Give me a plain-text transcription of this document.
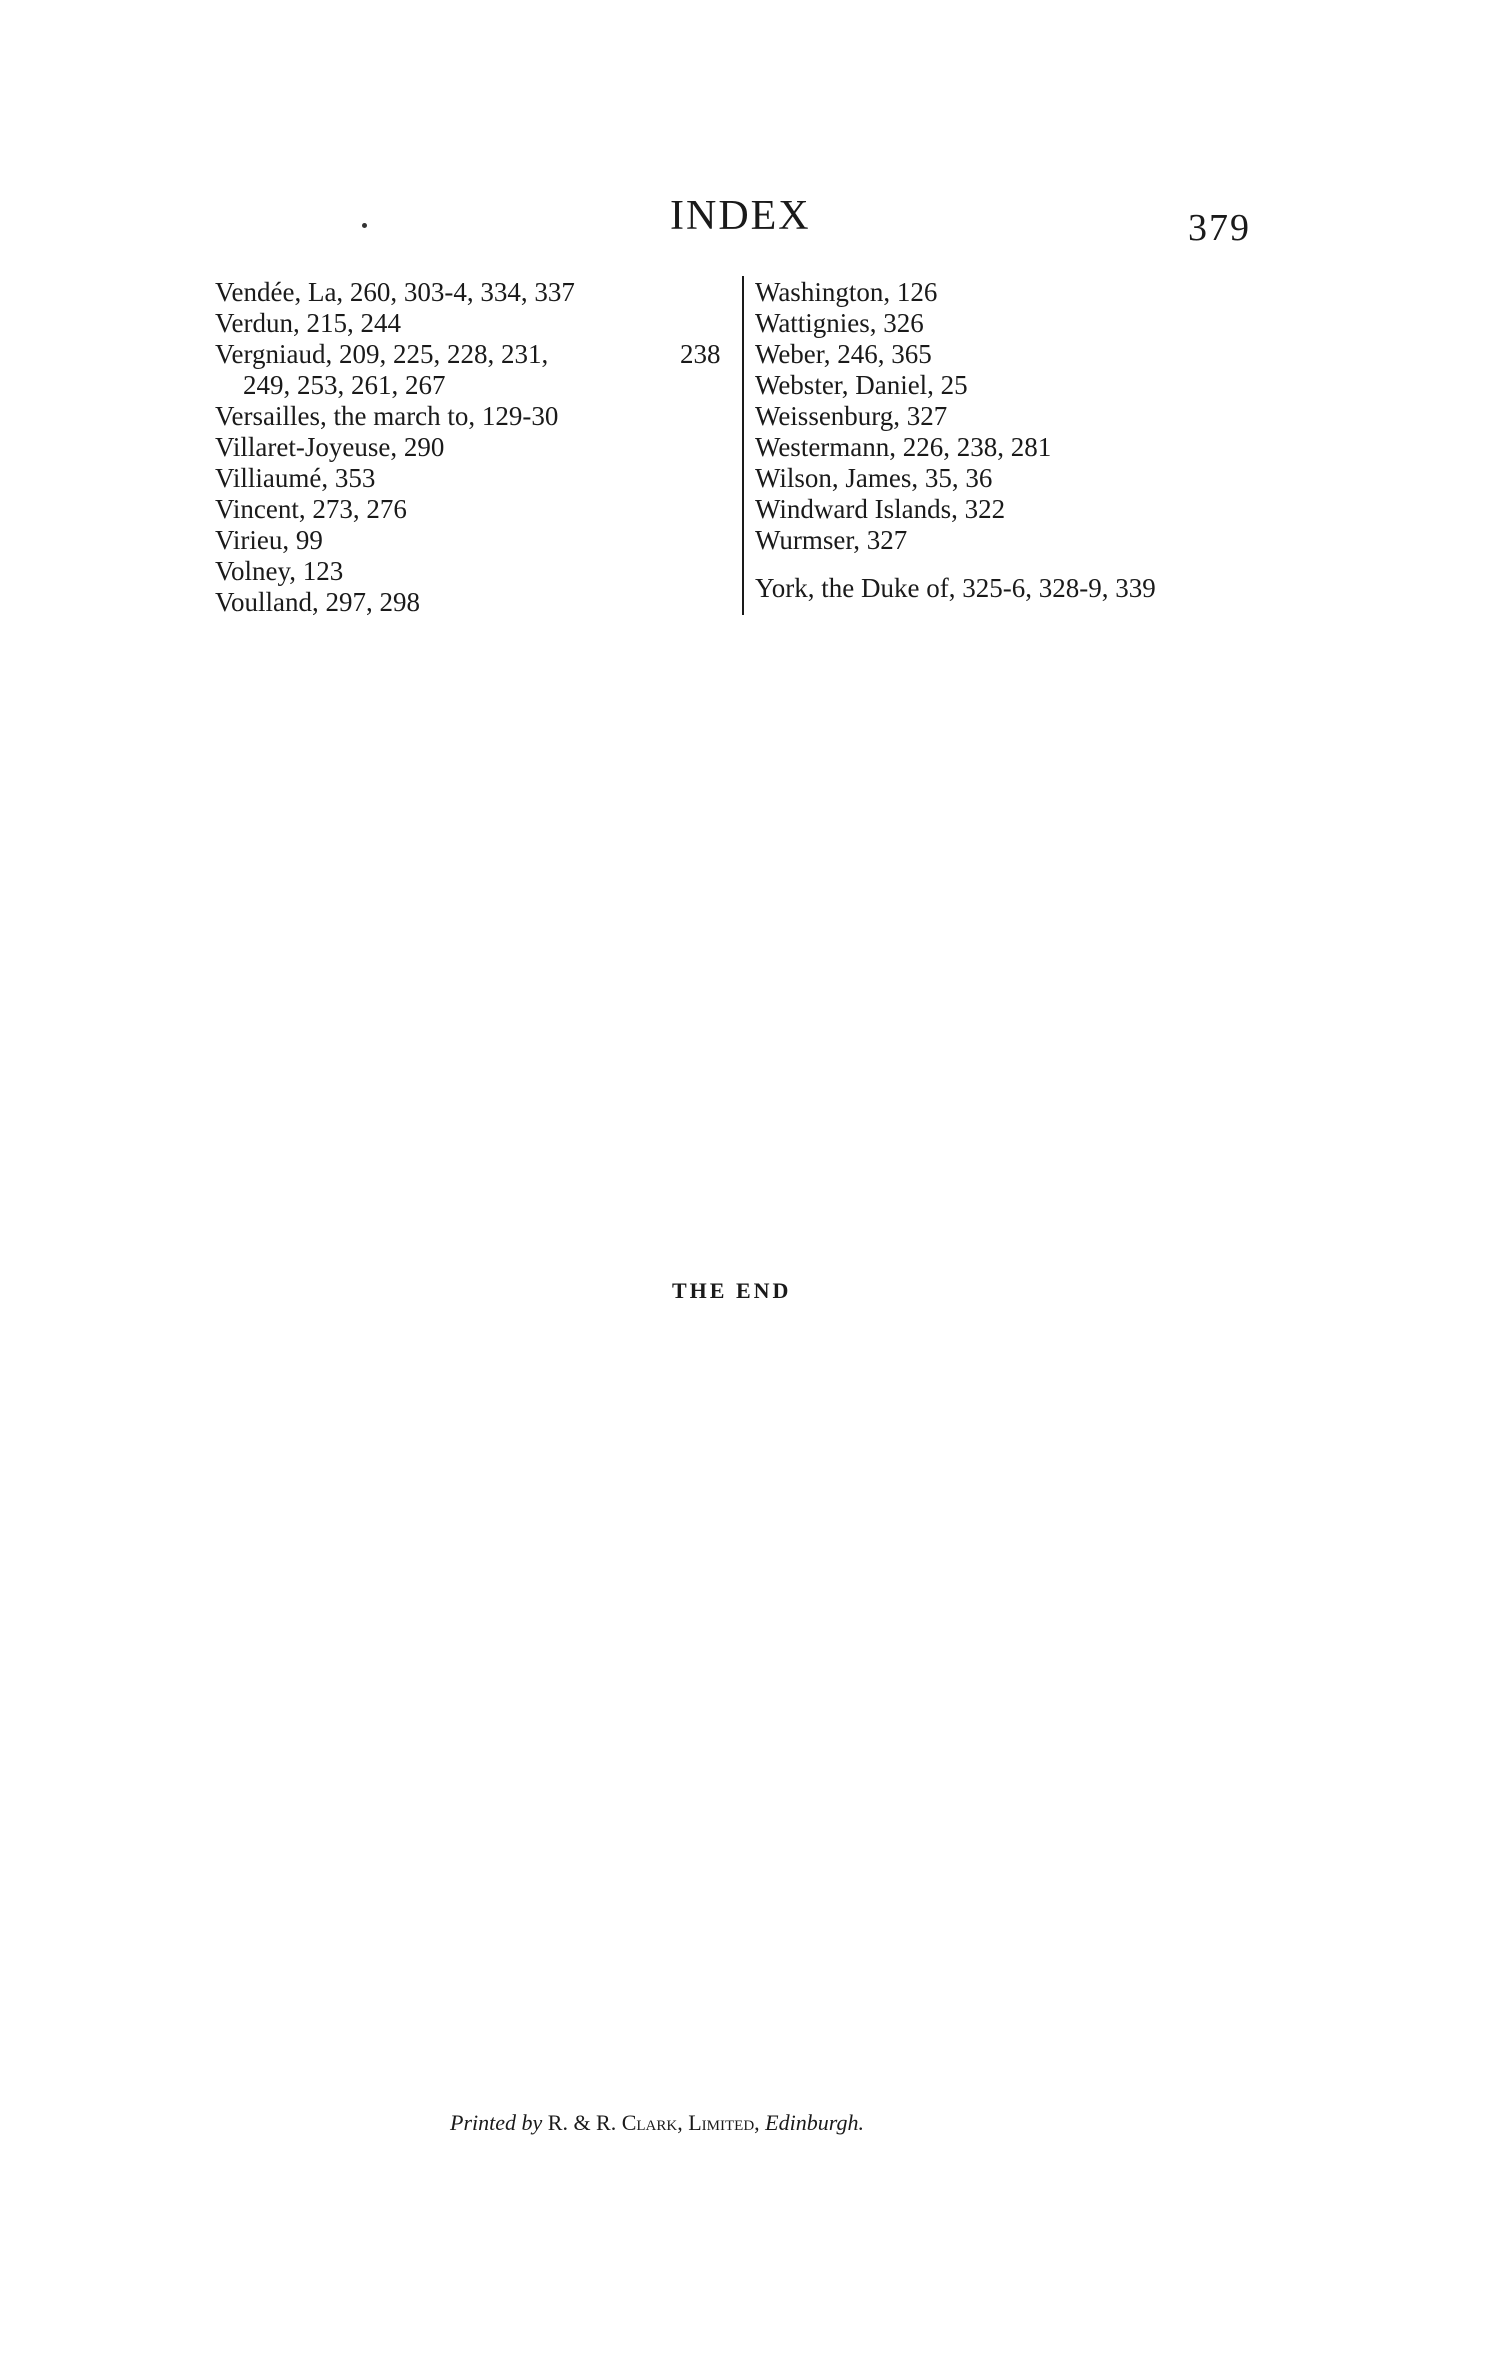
INDEX	379
Vendée, La, 260, 303-4, 334, 337
Verdun, 215, 244
Vergniaud, 209, 225, 228, 231,
249, 253, 261, 267
Versailles, the march to, 129-30
Villaret-Joyeuse, 290
Villiaumé, 353
Vincent, 273, 276
Virieu, 99
Volney, 123
Voulland, 297, 298
238
Washington, 126
Wattignies, 326
Weber, 246, 365
Webster, Daniel, 25
Weissenburg, 327
Westermann, 226, 238, 281
Wilson, James, 35, 36
Windward Islands, 322
Wurmser, 327
York, the Duke of, 325-6, 328-9, 339
THE END
Printed by R. & R. Clark, Limited, Edinburgh.
